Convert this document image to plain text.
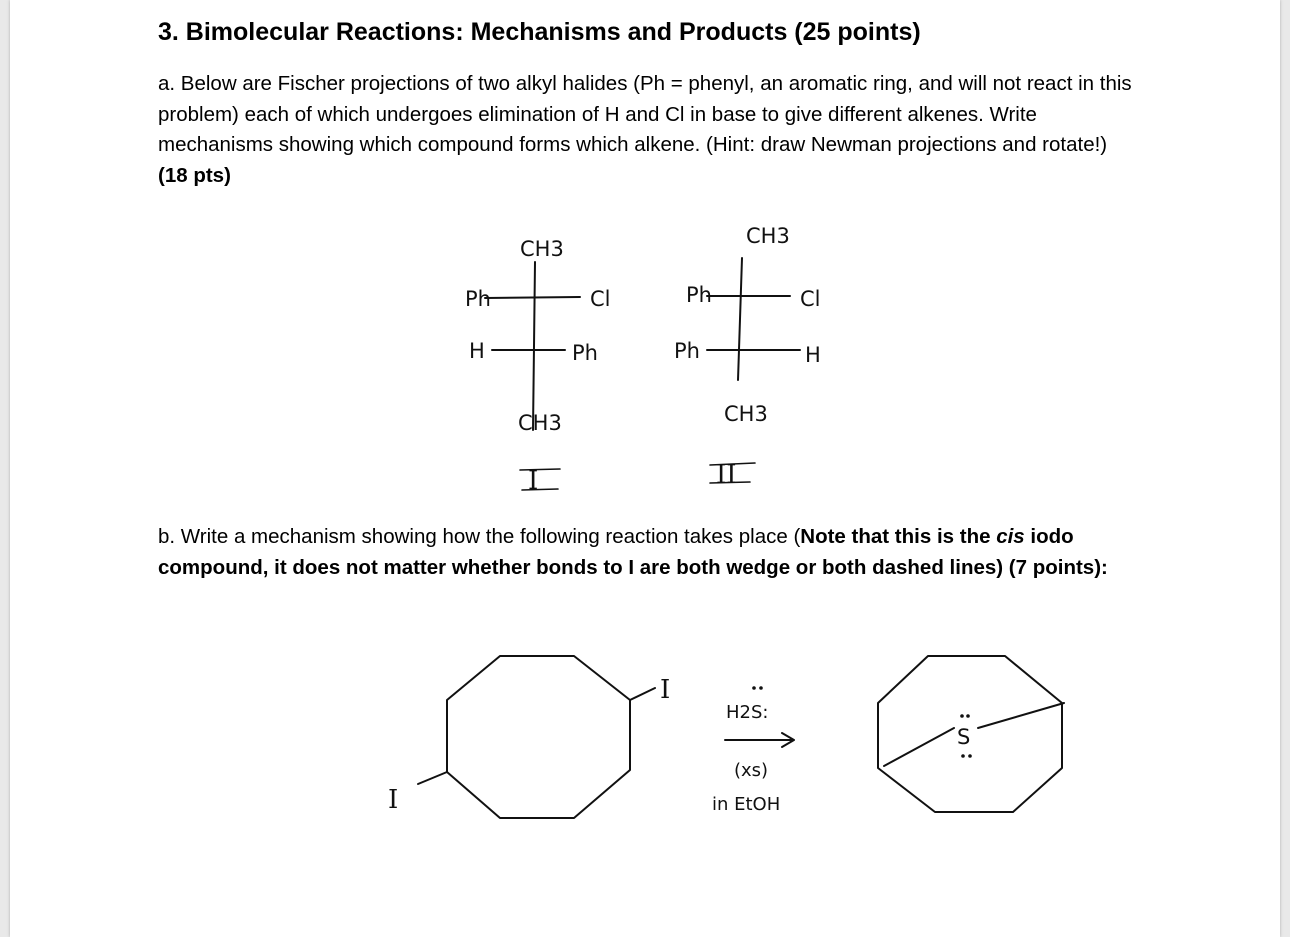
3. Bimolecular Reactions: Mechanisms and Products (25 points)
a. Below are Fischer projections of two alkyl halides (Ph = phenyl, an aromatic ring, and will not react in this problem) each of which undergoes elimination of H and Cl in base to give different alkenes. Write mechanisms showing which compound forms which alkene. (Hint: draw Newman projections and rotate!) (18 pts)
b. Write a mechanism showing how the following reaction takes place (Note that this is the cis iodo compound, it does not matter whether bonds to I are both wedge or both dashed lines) (7 points):
CH3
Ph	Cl
H	Ph
CH3
I
CH3
Ph	Cl
Ph	H
CH3
II
I
I
H2S:
(xs)
in EtOH
S
